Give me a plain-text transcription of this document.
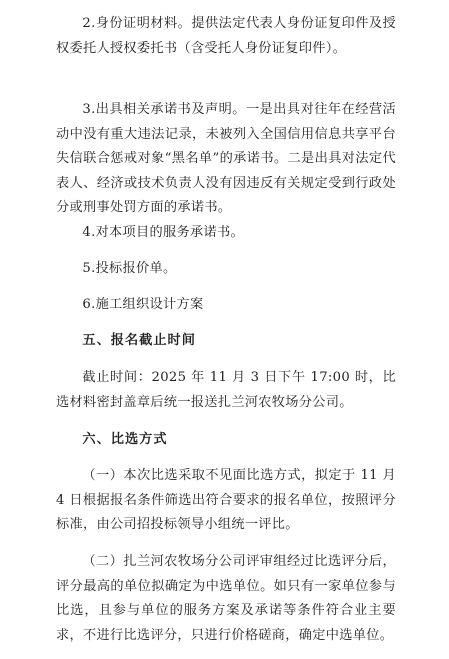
2.身份证明材料。提供法定代表人身份证复印件及授权委托人授权委托书（含受托人身份证复印件）。

3.出具相关承诺书及声明。一是出具对往年在经营活动中没有重大违法记录，未被列入全国信用信息共享平台失信联合惩戒对象“黑名单”的承诺书。二是出具对法定代表人、经济或技术负责人没有因违反有关规定受到行政处分或刑事处罚方面的承诺书。

4.对本项目的服务承诺书。

5.投标报价单。

6.施工组织设计方案

五、报名截止时间

截止时间：2025 年 11 月 3 日下午 17:00 时，比选材料密封盖章后统一报送扎兰河农牧场分公司。

六、比选方式

（一）本次比选采取不见面比选方式，拟定于 11 月 4 日根据报名条件筛选出符合要求的报名单位，按照评分标准，由公司招投标领导小组统一评比。

（二）扎兰河农牧场分公司评审组经过比选评分后，评分最高的单位拟确定为中选单位。如只有一家单位参与比选，且参与单位的服务方案及承诺等条件符合业主要求，不进行比选评分，只进行价格磋商，确定中选单位。
